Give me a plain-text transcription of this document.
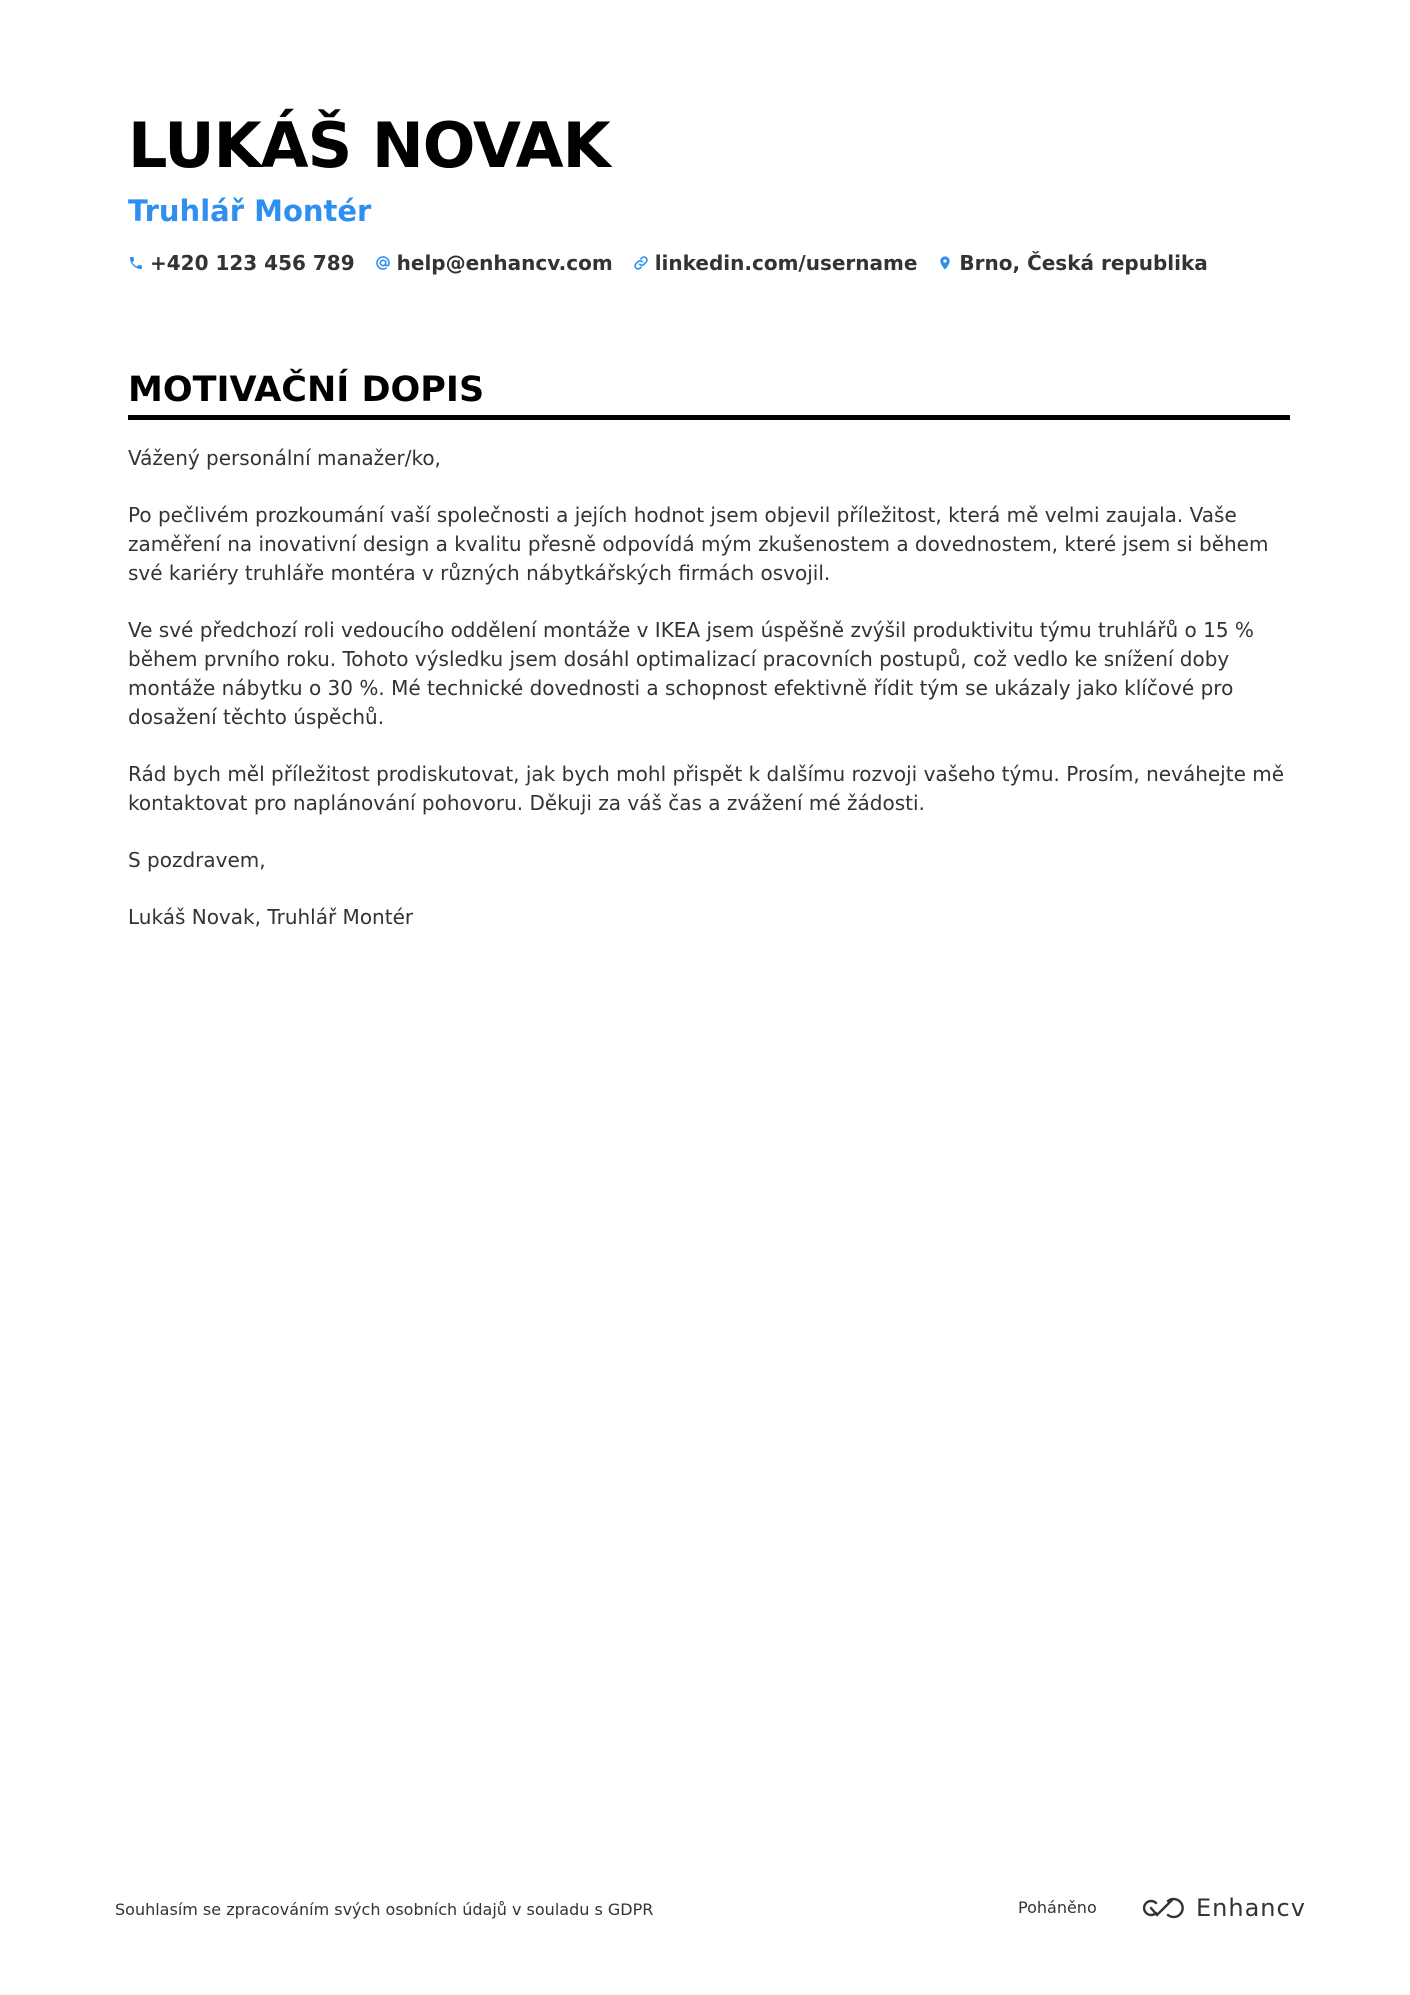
LUKÁŠ NOVAK
Truhlář Montér
+420 123 456 789 help@enhancv.com linkedin.com/username Brno, Česká republika
MOTIVAČNÍ DOPIS

Vážený personální manažer/ko,

Po pečlivém prozkoumání vaší společnosti a jejích hodnot jsem objevil příležitost, která mě velmi zaujala. Vaše zaměření na inovativní design a kvalitu přesně odpovídá mým zkušenostem a dovednostem, které jsem si během své kariéry truhláře montéra v různých nábytkářských firmách osvojil.

Ve své předchozí roli vedoucího oddělení montáže v IKEA jsem úspěšně zvýšil produktivitu týmu truhlářů o 15 % během prvního roku. Tohoto výsledku jsem dosáhl optimalizací pracovních postupů, což vedlo ke snížení doby montáže nábytku o 30 %. Mé technické dovednosti a schopnost efektivně řídit tým se ukázaly jako klíčové pro dosažení těchto úspěchů.

Rád bych měl příležitost prodiskutovat, jak bych mohl přispět k dalšímu rozvoji vašeho týmu. Prosím, neváhejte mě kontaktovat pro naplánování pohovoru. Děkuji za váš čas a zvážení mé žádosti.

S pozdravem,

Lukáš Novak, Truhlář Montér

Souhlasím se zpracováním svých osobních údajů v souladu s GDPR	Poháněno	Enhancv
